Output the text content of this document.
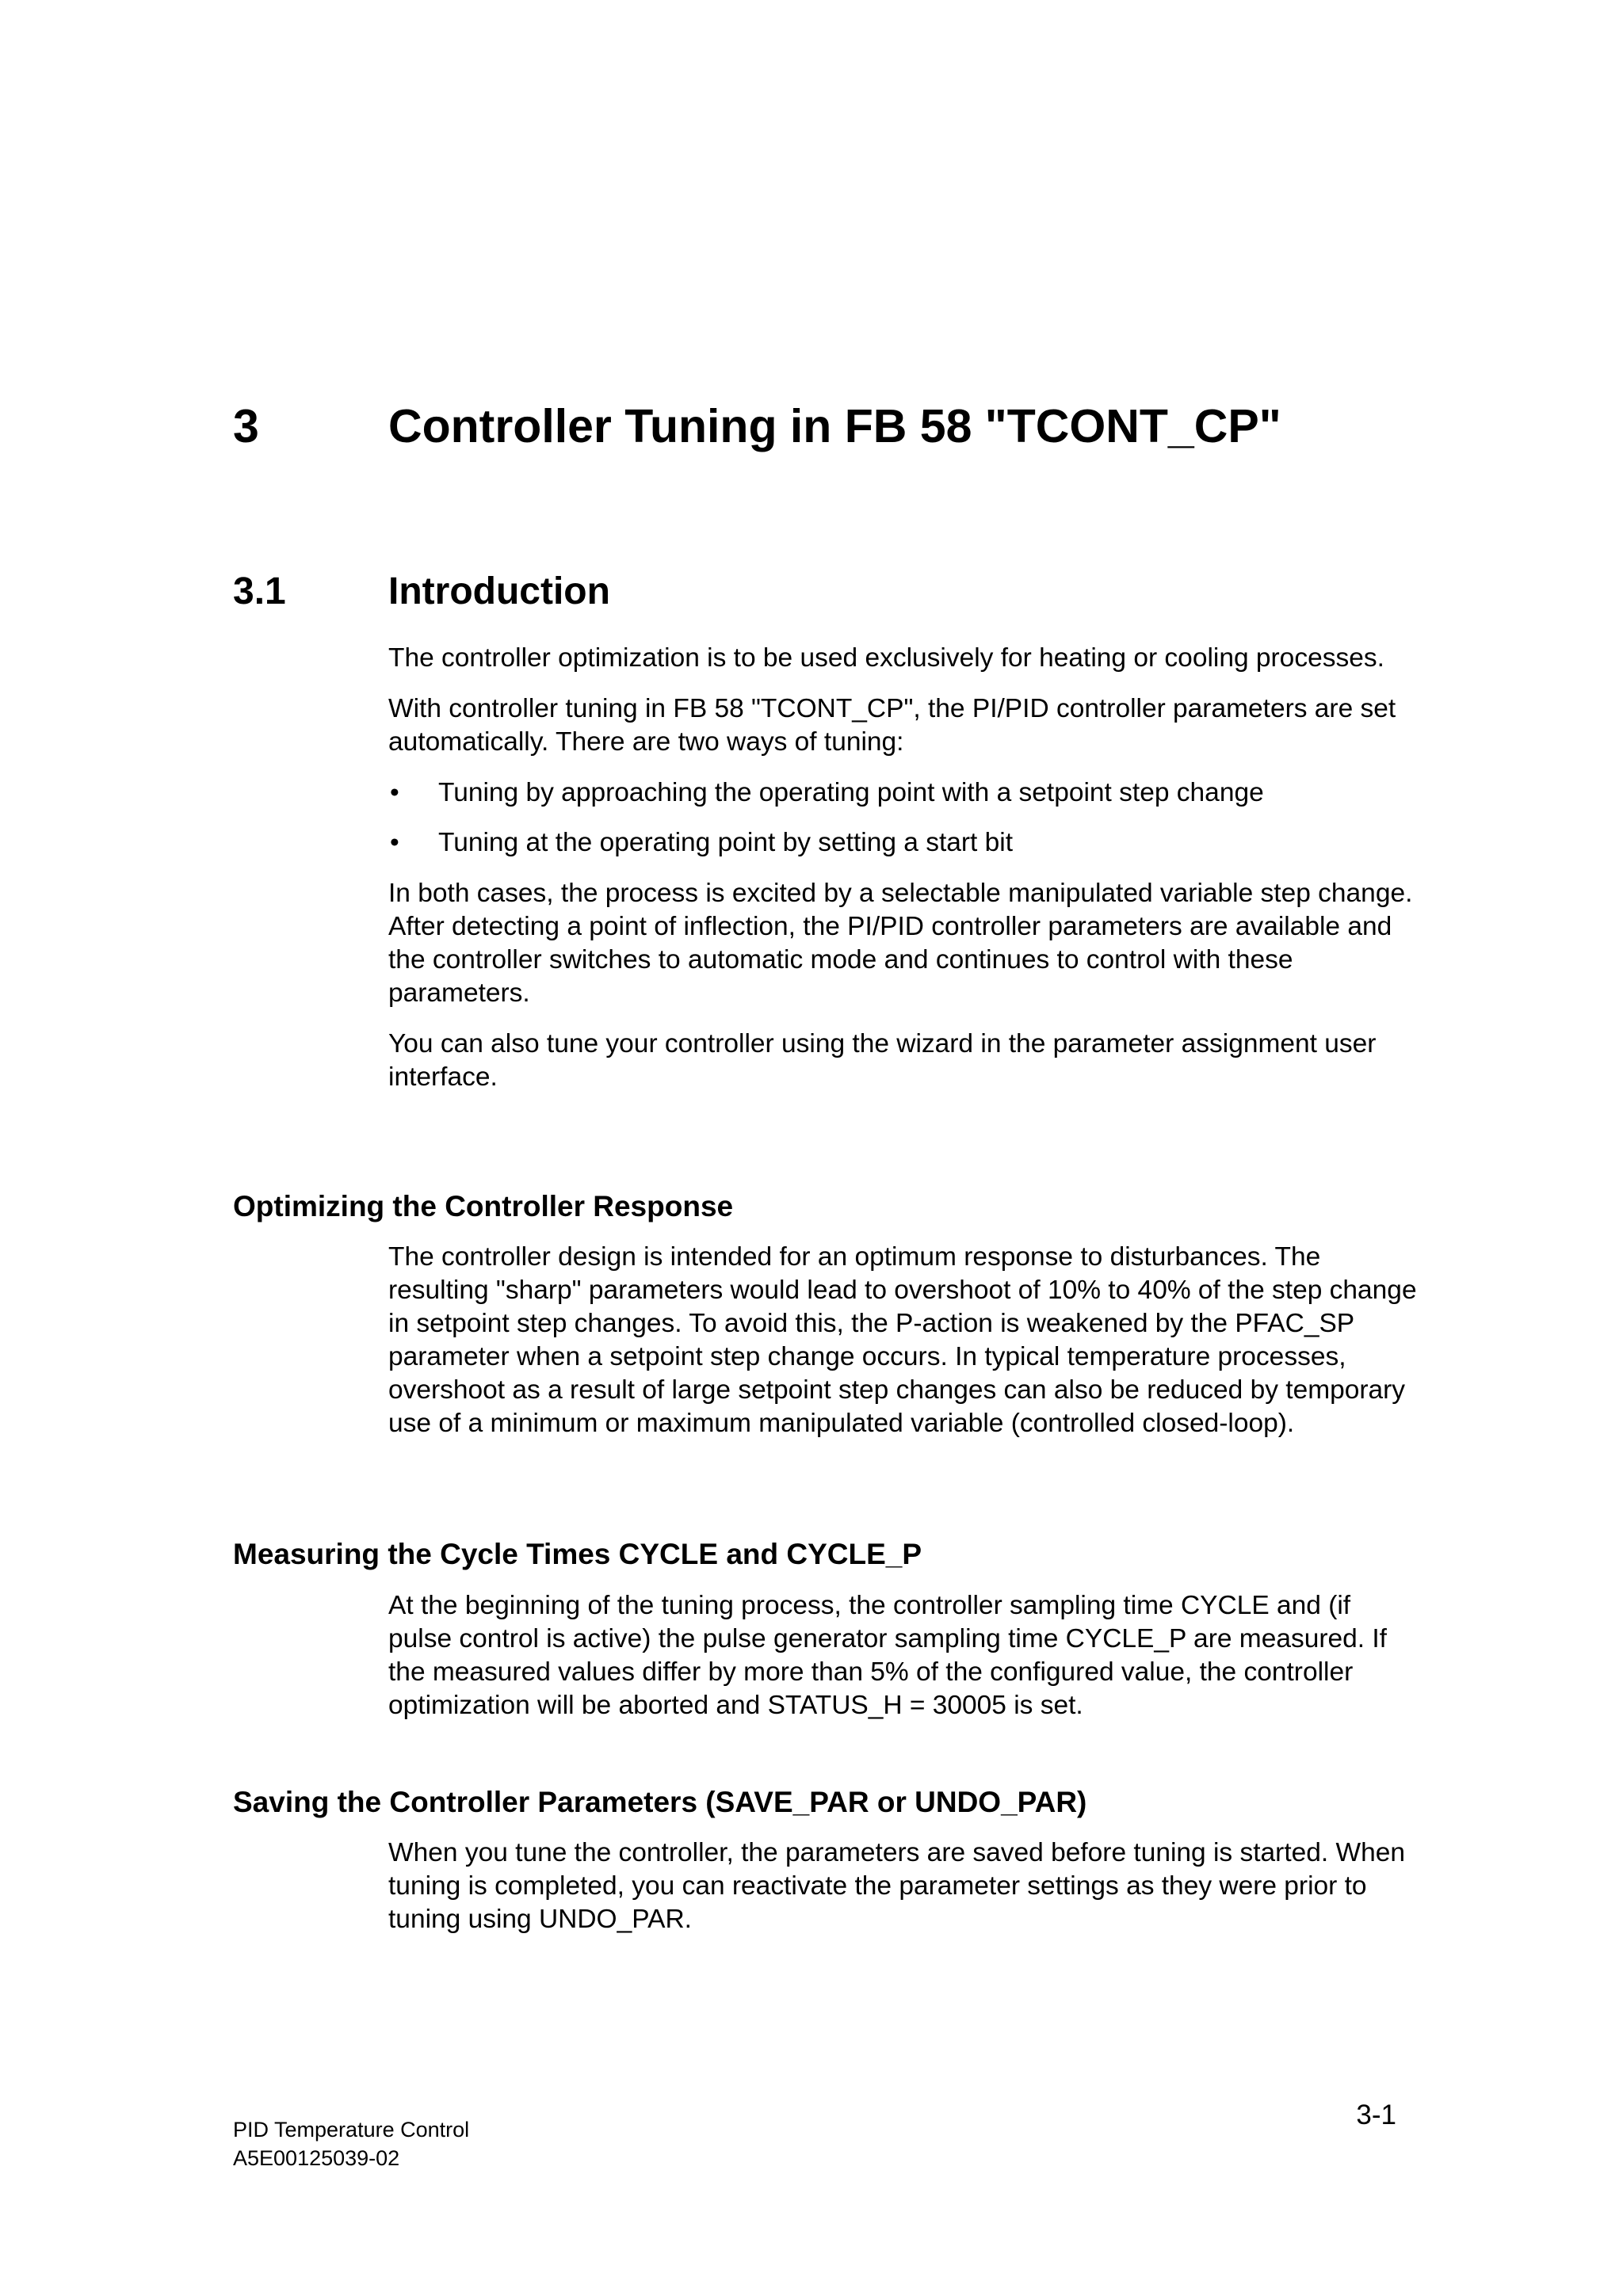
3	Controller Tuning in FB 58 "TCONT_CP"
3.1	Introduction

The controller optimization is to be used exclusively for heating or cooling processes.

With controller tuning in FB 58 "TCONT_CP", the PI/PID controller parameters are set automatically. There are two ways of tuning:

• Tuning by approaching the operating point with a setpoint step change
• Tuning at the operating point by setting a start bit

In both cases, the process is excited by a selectable manipulated variable step change. After detecting a point of inflection, the PI/PID controller parameters are available and the controller switches to automatic mode and continues to control with these parameters.

You can also tune your controller using the wizard in the parameter assignment user interface.

Optimizing the Controller Response

The controller design is intended for an optimum response to disturbances. The resulting "sharp" parameters would lead to overshoot of 10% to 40% of the step change in setpoint step changes. To avoid this, the P-action is weakened by the PFAC_SP parameter when a setpoint step change occurs. In typical temperature processes, overshoot as a result of large setpoint step changes can also be reduced by temporary use of a minimum or maximum manipulated variable (controlled closed-loop).

Measuring the Cycle Times CYCLE and CYCLE_P

At the beginning of the tuning process, the controller sampling time CYCLE and (if pulse control is active) the pulse generator sampling time CYCLE_P are measured. If the measured values differ by more than 5% of the configured value, the controller optimization will be aborted and STATUS_H = 30005 is set.

Saving the Controller Parameters (SAVE_PAR or UNDO_PAR)

When you tune the controller, the parameters are saved before tuning is started. When tuning is completed, you can reactivate the parameter settings as they were prior to tuning using UNDO_PAR.

PID Temperature Control
A5E00125039-02
3-1
